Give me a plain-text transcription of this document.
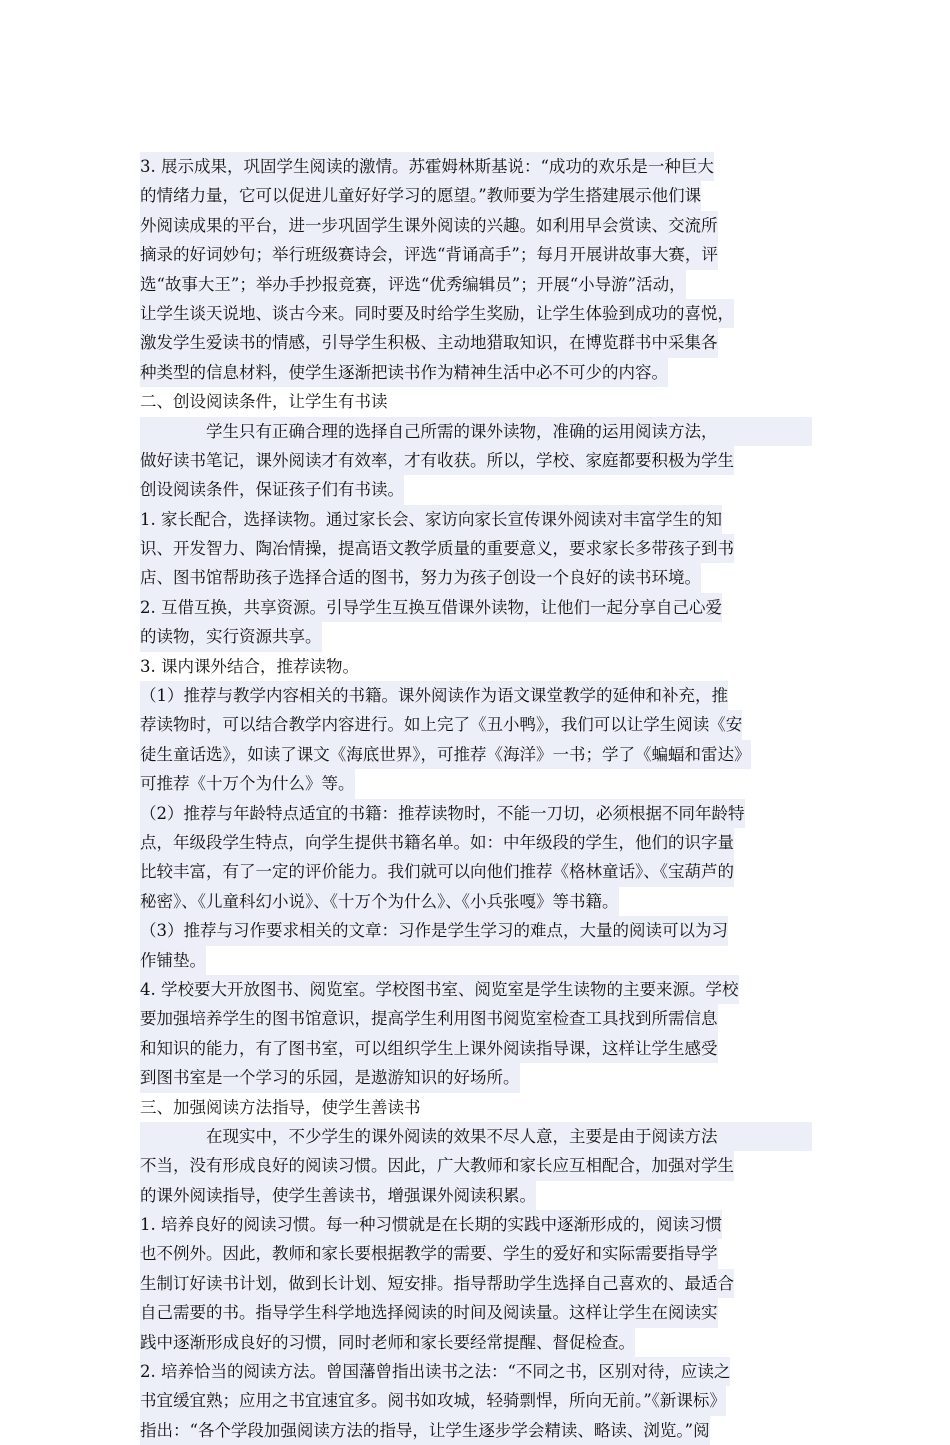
3. 展示成果，巩固学生阅读的激情。苏霍姆林斯基说：“成功的欢乐是一种巨大
的情绪力量，它可以促进儿童好好学习的愿望。”教师要为学生搭建展示他们课
外阅读成果的平台，进一步巩固学生课外阅读的兴趣。如利用早会赏读、交流所
摘录的好词妙句；举行班级赛诗会，评选“背诵高手”；每月开展讲故事大赛，评
选“故事大王”；举办手抄报竞赛，评选“优秀编辑员”；开展“小导游”活动，
让学生谈天说地、谈古今来。同时要及时给学生奖励，让学生体验到成功的喜悦，
激发学生爱读书的情感，引导学生积极、主动地猎取知识，在博览群书中采集各
种类型的信息材料，使学生逐渐把读书作为精神生活中必不可少的内容。
二、创设阅读条件，让学生有书读
学生只有正确合理的选择自己所需的课外读物，准确的运用阅读方法，
做好读书笔记，课外阅读才有效率，才有收获。所以，学校、家庭都要积极为学生
创设阅读条件，保证孩子们有书读。
1. 家长配合，选择读物。通过家长会、家访向家长宣传课外阅读对丰富学生的知
识、开发智力、陶冶情操，提高语文教学质量的重要意义，要求家长多带孩子到书
店、图书馆帮助孩子选择合适的图书，努力为孩子创设一个良好的读书环境。
2. 互借互换，共享资源。引导学生互换互借课外读物，让他们一起分享自己心爱
的读物，实行资源共享。
3. 课内课外结合，推荐读物。
（1）推荐与教学内容相关的书籍。课外阅读作为语文课堂教学的延伸和补充，推
荐读物时，可以结合教学内容进行。如上完了《丑小鸭》，我们可以让学生阅读《安
徒生童话选》，如读了课文《海底世界》，可推荐《海洋》一书；学了《蝙蝠和雷达》
可推荐《十万个为什么》等。
（2）推荐与年龄特点适宜的书籍：推荐读物时，不能一刀切，必须根据不同年龄特
点，年级段学生特点，向学生提供书籍名单。如：中年级段的学生，他们的识字量
比较丰富，有了一定的评价能力。我们就可以向他们推荐《格林童话》、《宝葫芦的
秘密》、《儿童科幻小说》、《十万个为什么》、《小兵张嘎》等书籍。
（3）推荐与习作要求相关的文章：习作是学生学习的难点，大量的阅读可以为习
作铺垫。
4. 学校要大开放图书、阅览室。学校图书室、阅览室是学生读物的主要来源。学校
要加强培养学生的图书馆意识，提高学生利用图书阅览室检查工具找到所需信息
和知识的能力，有了图书室，可以组织学生上课外阅读指导课，这样让学生感受
到图书室是一个学习的乐园，是遨游知识的好场所。
三、加强阅读方法指导，使学生善读书
在现实中，不少学生的课外阅读的效果不尽人意，主要是由于阅读方法
不当，没有形成良好的阅读习惯。因此，广大教师和家长应互相配合，加强对学生
的课外阅读指导，使学生善读书，增强课外阅读积累。
1. 培养良好的阅读习惯。每一种习惯就是在长期的实践中逐渐形成的，阅读习惯
也不例外。因此，教师和家长要根据教学的需要、学生的爱好和实际需要指导学
生制订好读书计划，做到长计划、短安排。指导帮助学生选择自己喜欢的、最适合
自己需要的书。指导学生科学地选择阅读的时间及阅读量。这样让学生在阅读实
践中逐渐形成良好的习惯，同时老师和家长要经常提醒、督促检查。
2. 培养恰当的阅读方法。曾国藩曾指出读书之法：“不同之书，区别对待，应读之
书宜缓宜熟；应用之书宜速宜多。阅书如攻城，轻骑剽悍，所向无前。”《新课标》
指出：“各个学段加强阅读方法的指导，让学生逐步学会精读、略读、浏览。”阅
